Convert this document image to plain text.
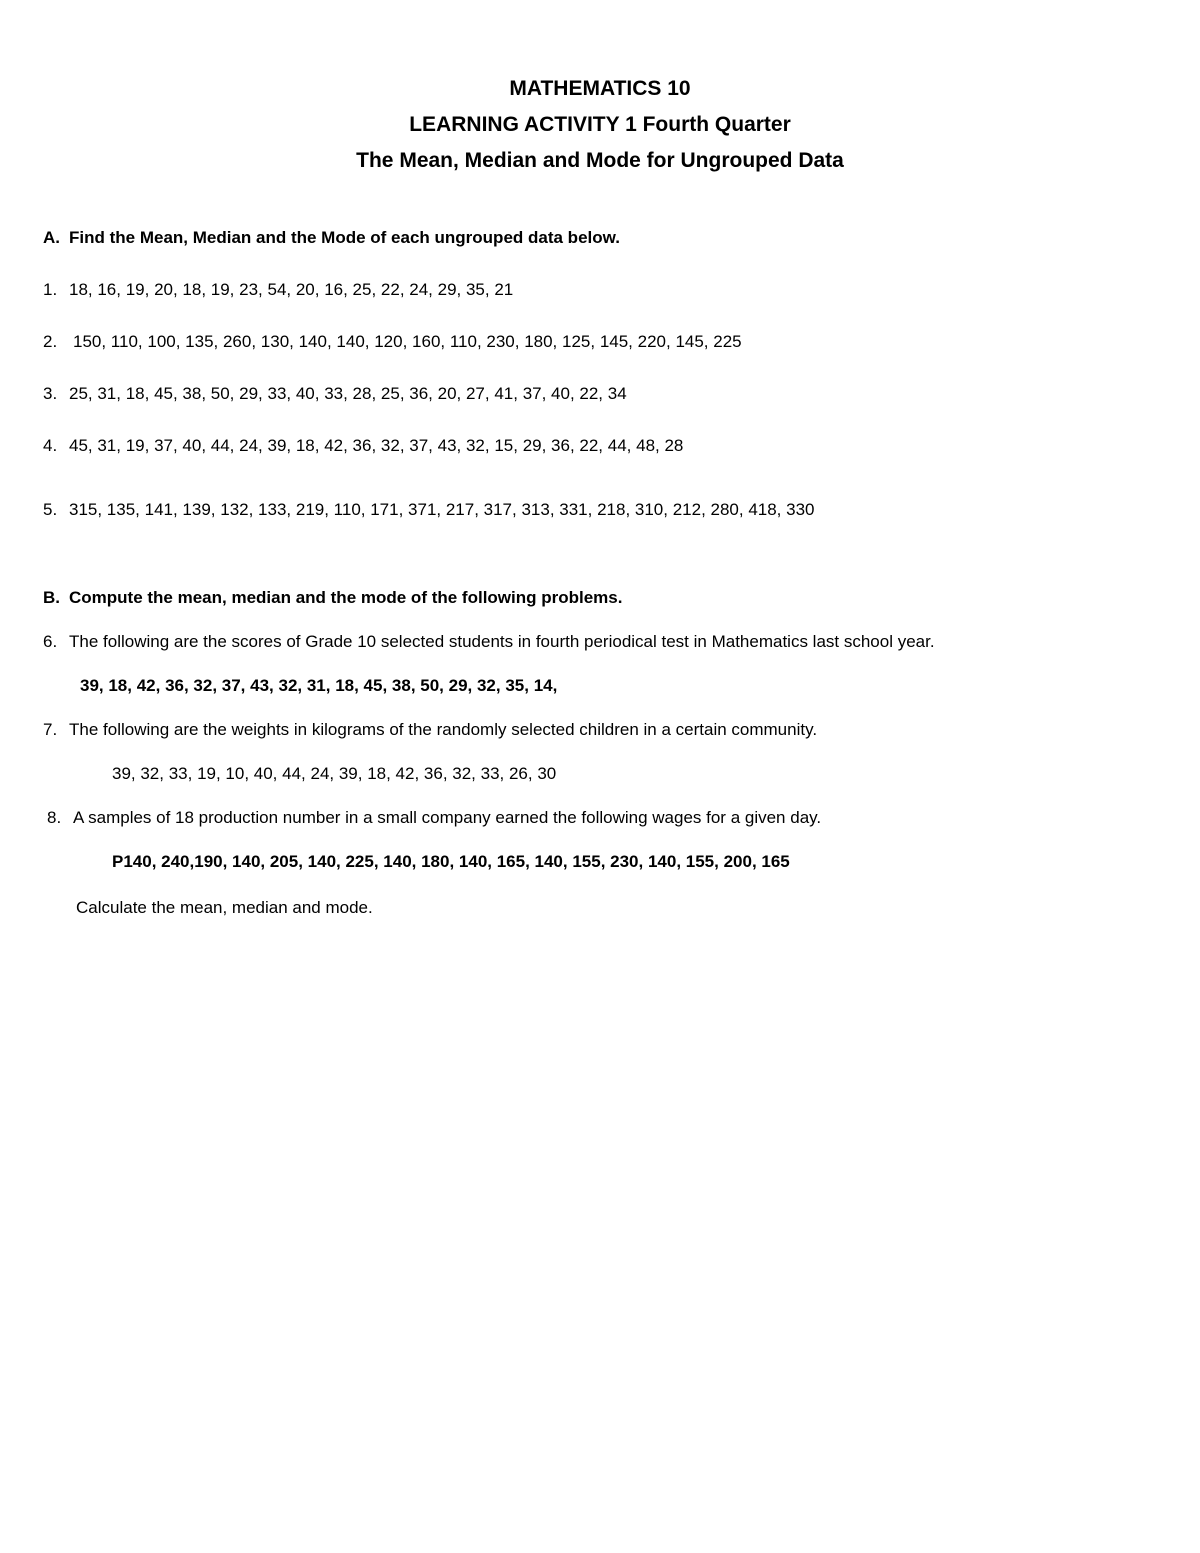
MATHEMATICS 10
LEARNING ACTIVITY 1 Fourth Quarter
The Mean, Median and Mode for Ungrouped Data
A. Find the Mean, Median and the Mode of each ungrouped data below.
1. 18, 16, 19, 20, 18, 19, 23, 54, 20, 16, 25, 22, 24, 29, 35, 21
2. 150, 110, 100, 135, 260, 130, 140, 140, 120, 160, 110, 230, 180, 125, 145, 220, 145, 225
3. 25, 31, 18, 45, 38, 50, 29, 33, 40, 33, 28, 25, 36, 20, 27, 41, 37, 40, 22, 34
4. 45, 31, 19, 37, 40, 44, 24, 39, 18, 42, 36, 32, 37, 43, 32, 15, 29, 36, 22, 44, 48, 28
5. 315, 135, 141, 139, 132, 133, 219, 110, 171, 371, 217, 317, 313, 331, 218, 310, 212, 280, 418, 330
B. Compute the mean, median and the mode of the following problems.
6. The following are the scores of Grade 10 selected students in fourth periodical test in Mathematics last school year.
39, 18, 42, 36, 32, 37, 43, 32, 31, 18, 45, 38, 50, 29, 32, 35, 14,
7. The following are the weights in kilograms of the randomly selected children in a certain community.
39, 32, 33, 19, 10, 40, 44, 24, 39, 18, 42, 36, 32, 33, 26, 30
8. A samples of 18 production number in a small company earned the following wages for a given day.
P140, 240,190, 140, 205, 140, 225, 140, 180, 140, 165, 140, 155, 230, 140, 155, 200, 165
Calculate the mean, median and mode.
